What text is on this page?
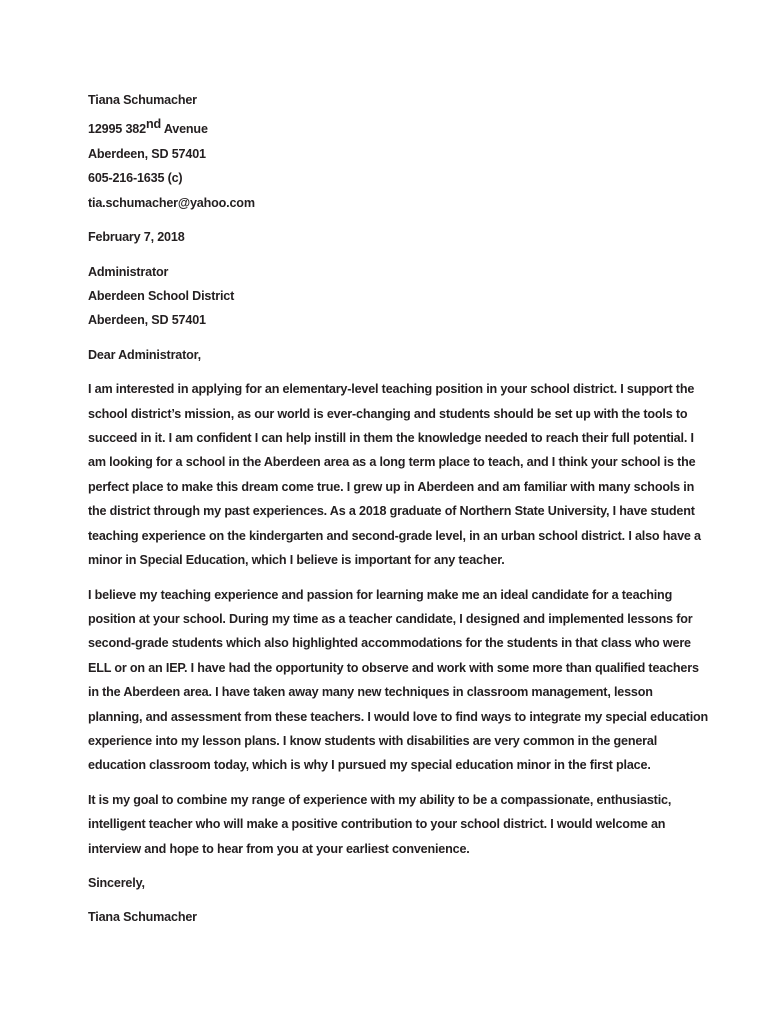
Tiana Schumacher
12995 382nd Avenue
Aberdeen, SD 57401
605-216-1635 (c)
tia.schumacher@yahoo.com
February 7, 2018
Administrator
Aberdeen School District
Aberdeen, SD 57401
Dear Administrator,

I am interested in applying for an elementary-level teaching position in your school district. I support the school district’s mission, as our world is ever-changing and students should be set up with the tools to succeed in it. I am confident I can help instill in them the knowledge needed to reach their full potential. I am looking for a school in the Aberdeen area as a long term place to teach, and I think your school is the perfect place to make this dream come true. I grew up in Aberdeen and am familiar with many schools in the district through my past experiences. As a 2018 graduate of Northern State University, I have student teaching experience on the kindergarten and second-grade level, in an urban school district. I also have a minor in Special Education, which I believe is important for any teacher.

I believe my teaching experience and passion for learning make me an ideal candidate for a teaching position at your school. During my time as a teacher candidate, I designed and implemented lessons for second-grade students which also highlighted accommodations for the students in that class who were ELL or on an IEP. I have had the opportunity to observe and work with some more than qualified teachers in the Aberdeen area. I have taken away many new techniques in classroom management, lesson planning, and assessment from these teachers. I would love to find ways to integrate my special education experience into my lesson plans. I know students with disabilities are very common in the general education classroom today, which is why I pursued my special education minor in the first place.

It is my goal to combine my range of experience with my ability to be a compassionate, enthusiastic, intelligent teacher who will make a positive contribution to your school district. I would welcome an interview and hope to hear from you at your earliest convenience.

Sincerely,
Tiana Schumacher
